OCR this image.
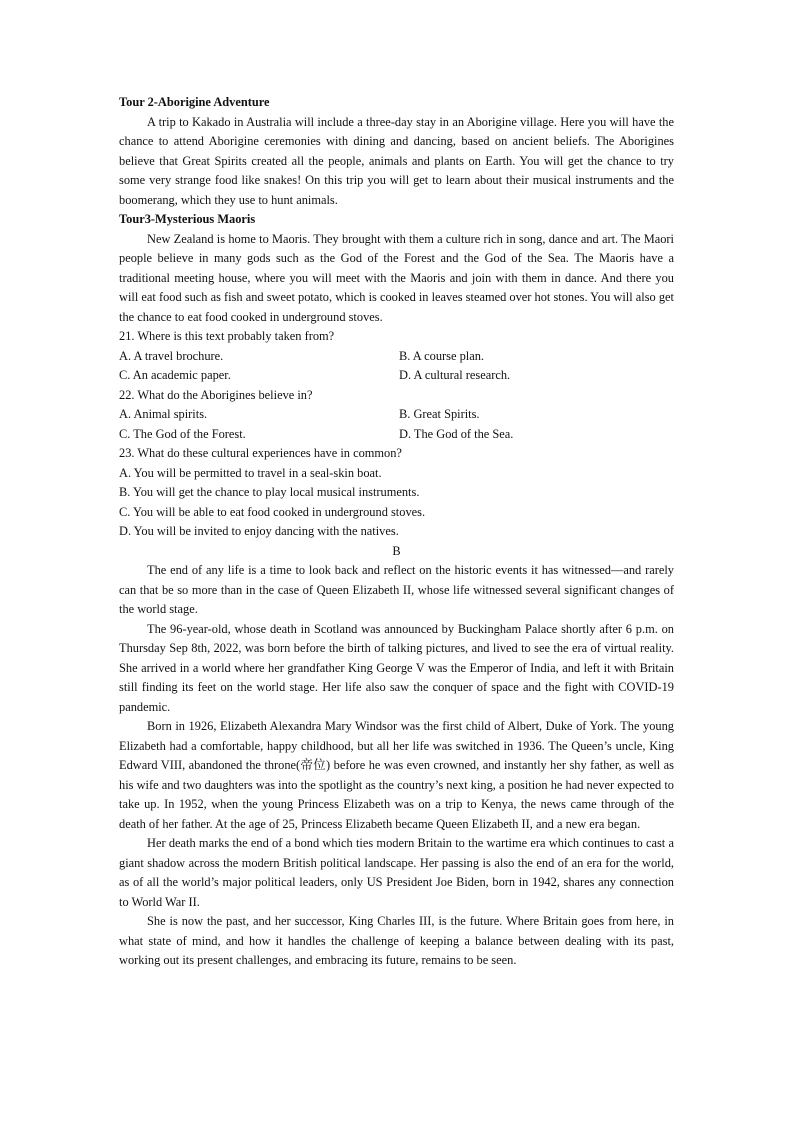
Tour 2-Aborigine Adventure

A trip to Kakado in Australia will include a three-day stay in an Aborigine village. Here you will have the chance to attend Aborigine ceremonies with dining and dancing, based on ancient beliefs. The Aborigines believe that Great Spirits created all the people, animals and plants on Earth. You will get the chance to try some very strange food like snakes! On this trip you will get to learn about their musical instruments and the boomerang, which they use to hunt animals.

Tour3-Mysterious Maoris

New Zealand is home to Maoris. They brought with them a culture rich in song, dance and art. The Maori people believe in many gods such as the God of the Forest and the God of the Sea. The Maoris have a traditional meeting house, where you will meet with the Maoris and join with them in dance. And there you will eat food such as fish and sweet potato, which is cooked in leaves steamed over hot stones. You will also get the chance to eat food cooked in underground stoves.

21. Where is this text probably taken from?

A. A travel brochure.	B. A course plan.
C. An academic paper.	D. A cultural research.

22. What do the Aborigines believe in?

A. Animal spirits.	B. Great Spirits.
C. The God of the Forest.	D. The God of the Sea.

23. What do these cultural experiences have in common?

A. You will be permitted to travel in a seal-skin boat.

B. You will get the chance to play local musical instruments.

C. You will be able to eat food cooked in underground stoves.

D. You will be invited to enjoy dancing with the natives.

B

The end of any life is a time to look back and reflect on the historic events it has witnessed—and rarely can that be so more than in the case of Queen Elizabeth II, whose life witnessed several significant changes of the world stage.

The 96-year-old, whose death in Scotland was announced by Buckingham Palace shortly after 6 p.m. on Thursday Sep 8th, 2022, was born before the birth of talking pictures, and lived to see the era of virtual reality. She arrived in a world where her grandfather King George V was the Emperor of India, and left it with Britain still finding its feet on the world stage. Her life also saw the conquer of space and the fight with COVID-19 pandemic.

Born in 1926, Elizabeth Alexandra Mary Windsor was the first child of Albert, Duke of York. The young Elizabeth had a comfortable, happy childhood, but all her life was switched in 1936. The Queen’s uncle, King Edward VIII, abandoned the throne(帝位) before he was even crowned, and instantly her shy father, as well as his wife and two daughters was into the spotlight as the country’s next king, a position he had never expected to take up. In 1952, when the young Princess Elizabeth was on a trip to Kenya, the news came through of the death of her father. At the age of 25, Princess Elizabeth became Queen Elizabeth II, and a new era began.

Her death marks the end of a bond which ties modern Britain to the wartime era which continues to cast a giant shadow across the modern British political landscape. Her passing is also the end of an era for the world, as of all the world’s major political leaders, only US President Joe Biden, born in 1942, shares any connection to World War II.

She is now the past, and her successor, King Charles III, is the future. Where Britain goes from here, in what state of mind, and how it handles the challenge of keeping a balance between dealing with its past, working out its present challenges, and embracing its future, remains to be seen.
